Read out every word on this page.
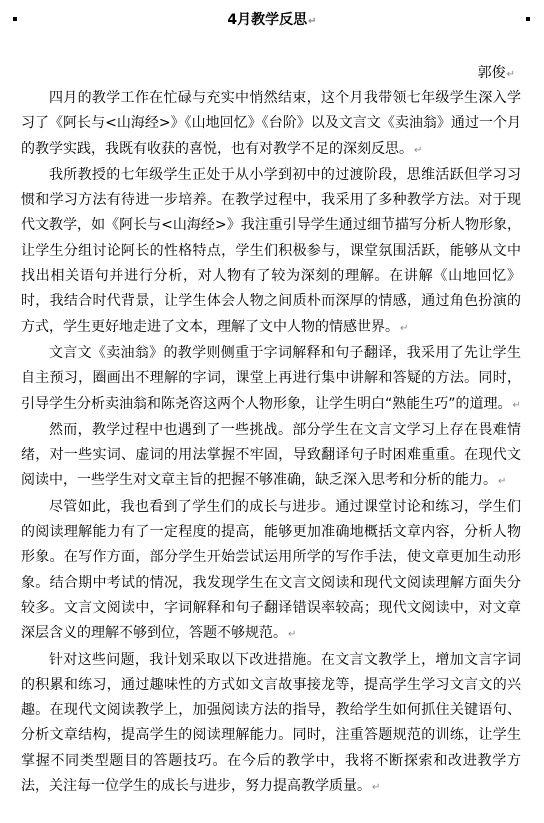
4月教学反思↵
郭俊↵

四月的教学工作在忙碌与充实中悄然结束，这个月我带领七年级学生深入学习了《阿长与<山海经>》《山地回忆》《台阶》以及文言文《卖油翁》通过一个月的教学实践，我既有收获的喜悦，也有对教学不足的深刻反思。↵

我所教授的七年级学生正处于从小学到初中的过渡阶段，思维活跃但学习习惯和学习方法有待进一步培养。在教学过程中，我采用了多种教学方法。对于现代文教学，如《阿长与<山海经>》我注重引导学生通过细节描写分析人物形象，让学生分组讨论阿长的性格特点，学生们积极参与，课堂氛围活跃，能够从文中找出相关语句并进行分析，对人物有了较为深刻的理解。在讲解《山地回忆》时，我结合时代背景，让学生体会人物之间质朴而深厚的情感，通过角色扮演的方式，学生更好地走进了文本，理解了文中人物的情感世界。↵

文言文《卖油翁》的教学则侧重于字词解释和句子翻译，我采用了先让学生自主预习，圈画出不理解的字词，课堂上再进行集中讲解和答疑的方法。同时，引导学生分析卖油翁和陈尧咨这两个人物形象，让学生明白“熟能生巧”的道理。↵

然而，教学过程中也遇到了一些挑战。部分学生在文言文学习上存在畏难情绪，对一些实词、虚词的用法掌握不牢固，导致翻译句子时困难重重。在现代文阅读中，一些学生对文章主旨的把握不够准确，缺乏深入思考和分析的能力。↵

尽管如此，我也看到了学生们的成长与进步。通过课堂讨论和练习，学生们的阅读理解能力有了一定程度的提高，能够更加准确地概括文章内容，分析人物形象。在写作方面，部分学生开始尝试运用所学的写作手法，使文章更加生动形象。结合期中考试的情况，我发现学生在文言文阅读和现代文阅读理解方面失分较多。文言文阅读中，字词解释和句子翻译错误率较高；现代文阅读中，对文章深层含义的理解不够到位，答题不够规范。↵

针对这些问题，我计划采取以下改进措施。在文言文教学上，增加文言字词的积累和练习，通过趣味性的方式如文言故事接龙等，提高学生学习文言文的兴趣。在现代文阅读教学上，加强阅读方法的指导，教给学生如何抓住关键语句、分析文章结构，提高学生的阅读理解能力。同时，注重答题规范的训练，让学生掌握不同类型题目的答题技巧。在今后的教学中，我将不断探索和改进教学方法，关注每一位学生的成长与进步，努力提高教学质量。↵
